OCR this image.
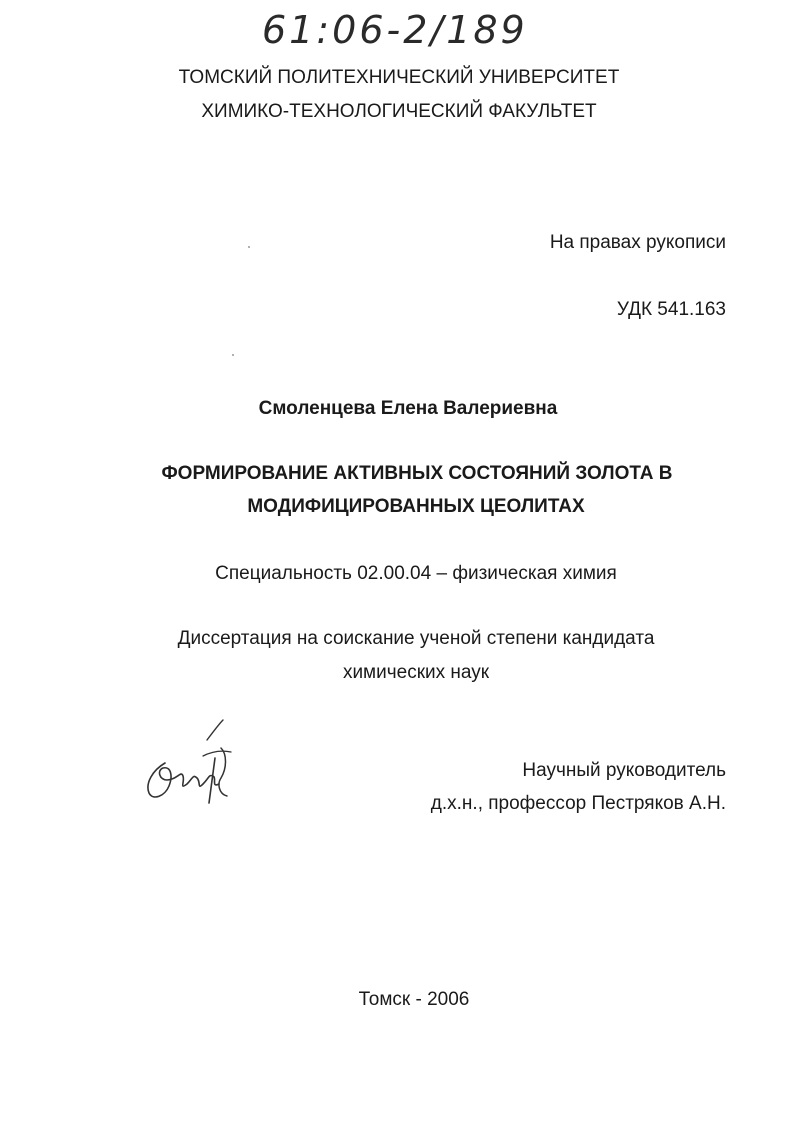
61:06-2/189
ТОМСКИЙ ПОЛИТЕХНИЧЕСКИЙ УНИВЕРСИТЕТ
ХИМИКО-ТЕХНОЛОГИЧЕСКИЙ ФАКУЛЬТЕТ
На правах рукописи
УДК 541.163
Смоленцева Елена Валериевна
ФОРМИРОВАНИЕ АКТИВНЫХ СОСТОЯНИЙ ЗОЛОТА В
МОДИФИЦИРОВАННЫХ ЦЕОЛИТАХ
Специальность 02.00.04 – физическая химия
Диссертация на соискание ученой степени кандидата
химических наук
Научный руководитель
д.х.н., профессор Пестряков А.Н.
Томск - 2006
